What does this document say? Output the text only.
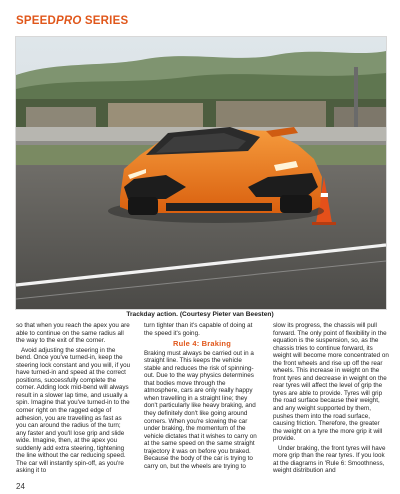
SPEEDPRO SERIES
Trackday action. (Courtesy Pieter van Beesten)

so that when you reach the apex you are able to continue on the same radius all the way to the exit of the corner.

Avoid adjusting the steering in the bend. Once you've turned-in, keep the steering lock constant and you will, if you have turned-in and speed at the correct positions, successfully complete the corner. Adding lock mid-bend will always result in a slower lap time, and usually a spin. Imagine that you've turned-in to the corner right on the ragged edge of adhesion, you are travelling as fast as you can around the radius of the turn; any faster and you'll lose grip and slide wide. Imagine, then, at the apex you suddenly add extra steering, tightening the line without the car reducing speed. The car will instantly spin-off, as you're asking it to

turn tighter than it's capable of doing at the speed it's going.

Rule 4: Braking

Braking must always be carried out in a straight line. This keeps the vehicle stable and reduces the risk of spinning-out. Due to the way physics determines that bodies move through the atmosphere, cars are only really happy when travelling in a straight line; they don't particularly like heavy braking, and they definitely don't like going around corners. When you're slowing the car under braking, the momentum of the vehicle dictates that it wishes to carry on at the same speed on the same straight trajectory it was on before you braked. Because the body of the car is trying to carry on, but the wheels are trying to

slow its progress, the chassis will pull forward. The only point of flexibility in the equation is the suspension, so, as the chassis tries to continue forward, its weight will become more concentrated on the front wheels and rise up off the rear wheels. This increase in weight on the front tyres and decrease in weight on the rear tyres will affect the level of grip the tyres are able to provide. Tyres will grip the road surface because their weight, and any weight supported by them, pushes them into the road surface, causing friction. Therefore, the greater the weight on a tyre the more grip it will provide.

Under braking, the front tyres will have more grip than the rear tyres. If you look at the diagrams in 'Rule 6: Smoothness, weight distribution and

24
